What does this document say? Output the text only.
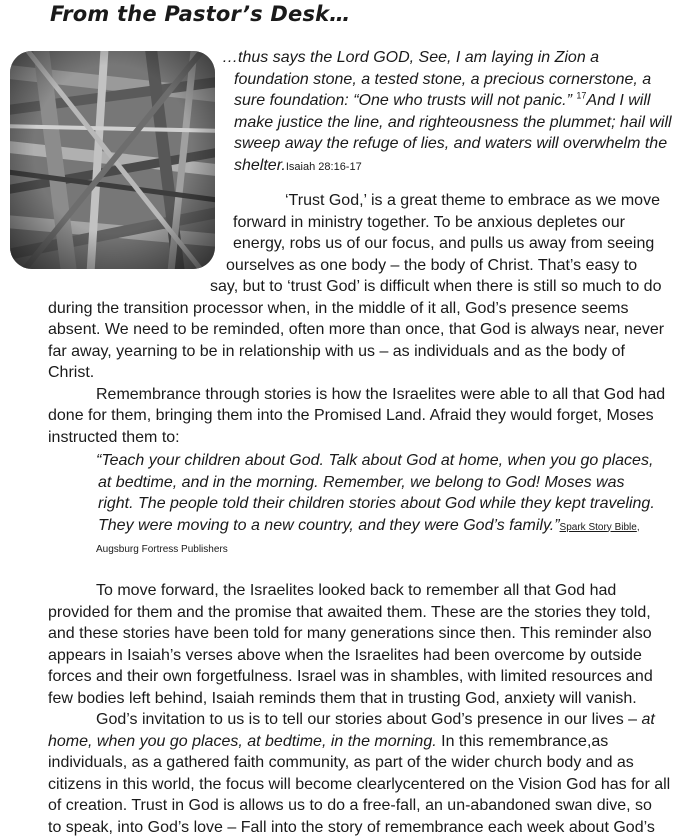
From the Pastor’s Desk…

…thus says the Lord GOD, See, I am laying in Zion a
foundation stone, a tested stone, a precious cornerstone, a
sure foundation: “One who trusts will not panic.” $^{17}$And I will
make justice the line, and righteousness the plummet; hail will
sweep away the refuge of lies, and waters will overwhelm the
shelter.Isaiah 28:16-17

‘Trust God,’ is a great theme to embrace as we move
forward in ministry together. To be anxious depletes our
energy, robs us of our focus, and pulls us away from seeing
ourselves as one body – the body of Christ. That’s easy to
say, but to ‘trust God’ is difficult when there is still so much to do
during the transition processor when, in the middle of it all, God’s presence seems
absent. We need to be reminded, often more than once, that God is always near, never
far away, yearning to be in relationship with us – as individuals and as the body of
Christ.
Remembrance through stories is how the Israelites were able to all that God had
done for them, bringing them into the Promised Land. Afraid they would forget, Moses
instructed them to:
“Teach your children about God. Talk about God at home, when you go places,
at bedtime, and in the morning. Remember, we belong to God! Moses was
right. The people told their children stories about God while they kept traveling.
They were moving to a new country, and they were God’s family.”Spark Story Bible,
Augsburg Fortress Publishers
To move forward, the Israelites looked back to remember all that God had
provided for them and the promise that awaited them. These are the stories they told,
and these stories have been told for many generations since then. This reminder also
appears in Isaiah’s verses above when the Israelites had been overcome by outside
forces and their own forgetfulness. Israel was in shambles, with limited resources and
few bodies left behind, Isaiah reminds them that in trusting God, anxiety will vanish.
God’s invitation to us is to tell our stories about God’s presence in our lives – at
home, when you go places, at bedtime, in the morning. In this remembrance,as
individuals, as a gathered faith community, as part of the wider church body and as
citizens in this world, the focus will become clearlycentered on the Vision God has for all
of creation. Trust in God is allows us to do a free-fall, an un-abandoned swan dive, so
to speak, into God’s love – Fall into the story of remembrance each week about God’s
